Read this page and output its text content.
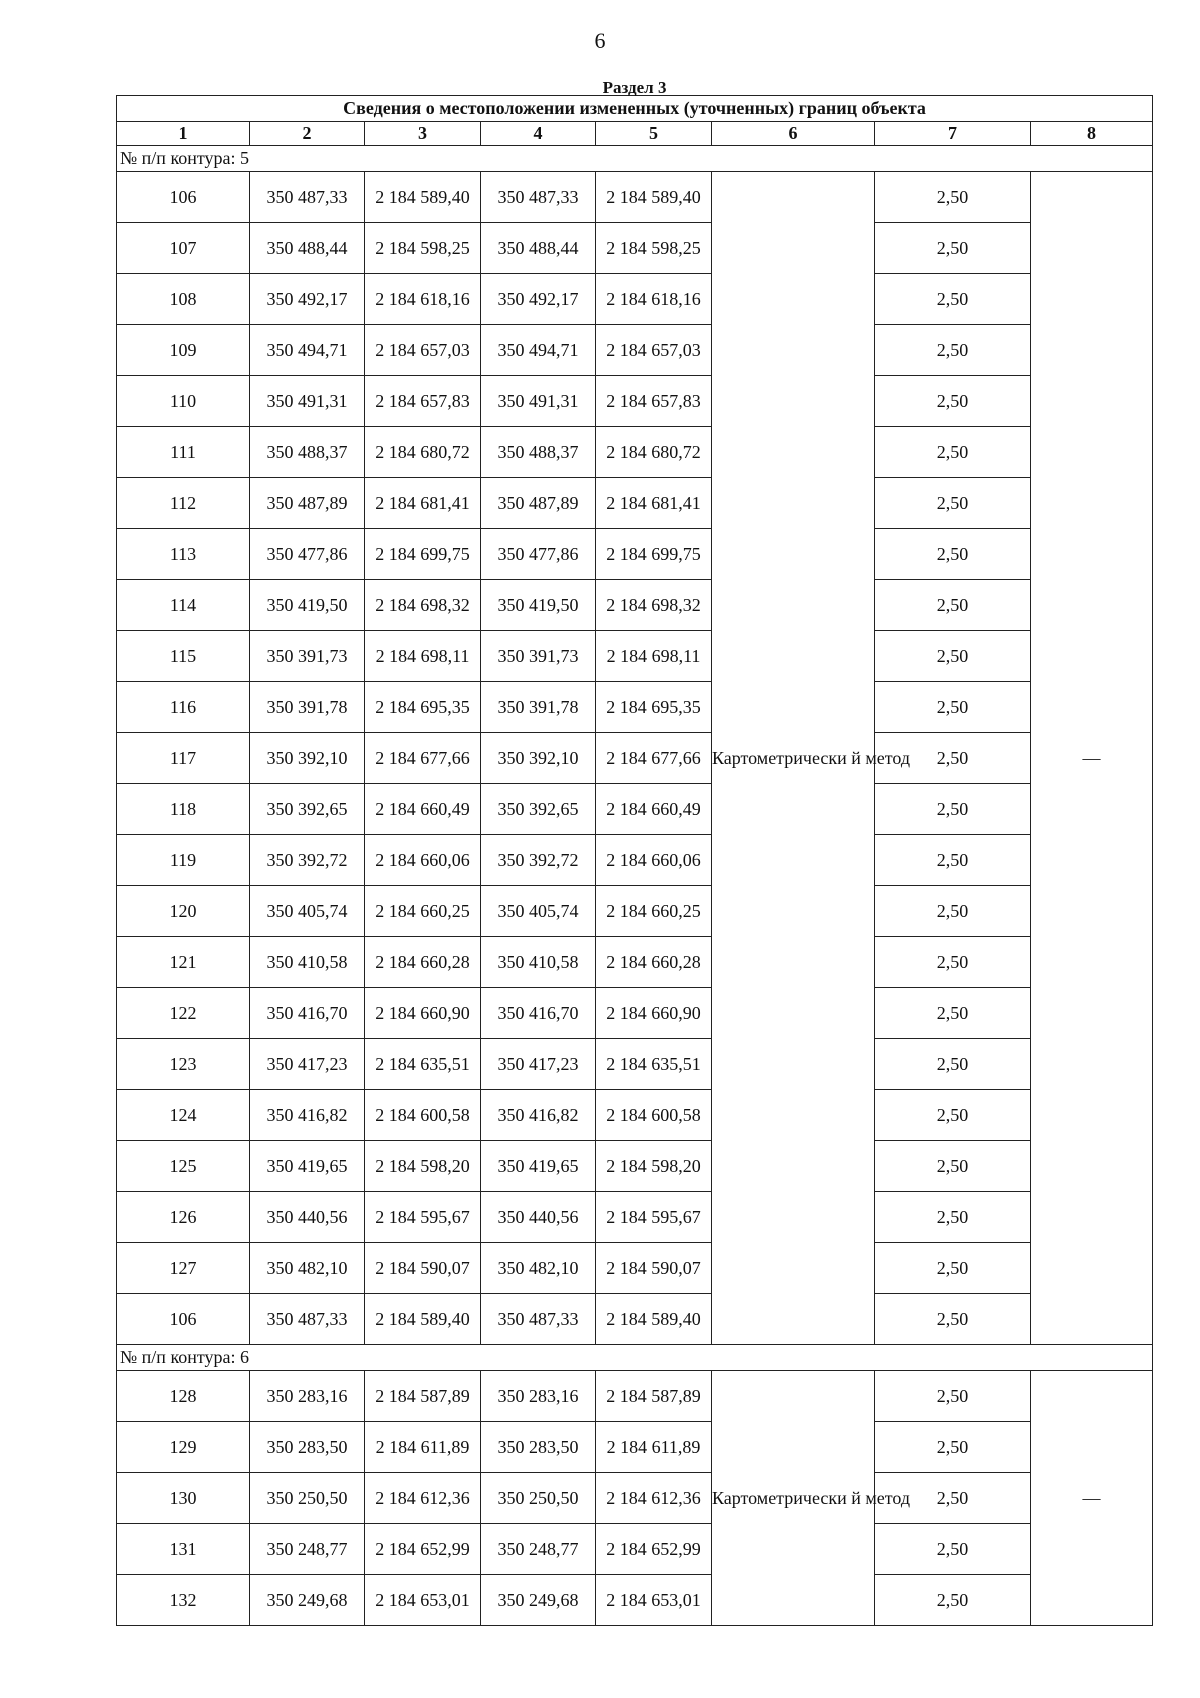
6
Раздел 3							
Сведения о местоположении измененных (уточненных) границ объекта							
1	2	3	4	5	6	7	8
№ п/п контура: 5							
106	350 487,33	2 184 589,40	350 487,33	2 184 589,40	Картометрически й метод	2,50	—
107	350 488,44	2 184 598,25	350 488,44	2 184 598,25		2,50	
108	350 492,17	2 184 618,16	350 492,17	2 184 618,16		2,50	
109	350 494,71	2 184 657,03	350 494,71	2 184 657,03		2,50	
110	350 491,31	2 184 657,83	350 491,31	2 184 657,83		2,50	
111	350 488,37	2 184 680,72	350 488,37	2 184 680,72		2,50	
112	350 487,89	2 184 681,41	350 487,89	2 184 681,41		2,50	
113	350 477,86	2 184 699,75	350 477,86	2 184 699,75		2,50	
114	350 419,50	2 184 698,32	350 419,50	2 184 698,32		2,50	
115	350 391,73	2 184 698,11	350 391,73	2 184 698,11		2,50	
116	350 391,78	2 184 695,35	350 391,78	2 184 695,35		2,50	
117	350 392,10	2 184 677,66	350 392,10	2 184 677,66		2,50	
118	350 392,65	2 184 660,49	350 392,65	2 184 660,49		2,50	
119	350 392,72	2 184 660,06	350 392,72	2 184 660,06		2,50	
120	350 405,74	2 184 660,25	350 405,74	2 184 660,25		2,50	
121	350 410,58	2 184 660,28	350 410,58	2 184 660,28		2,50	
122	350 416,70	2 184 660,90	350 416,70	2 184 660,90		2,50	
123	350 417,23	2 184 635,51	350 417,23	2 184 635,51		2,50	
124	350 416,82	2 184 600,58	350 416,82	2 184 600,58		2,50	
125	350 419,65	2 184 598,20	350 419,65	2 184 598,20		2,50	
126	350 440,56	2 184 595,67	350 440,56	2 184 595,67		2,50	
127	350 482,10	2 184 590,07	350 482,10	2 184 590,07		2,50	
106	350 487,33	2 184 589,40	350 487,33	2 184 589,40		2,50	
№ п/п контура: 6							
128	350 283,16	2 184 587,89	350 283,16	2 184 587,89	Картометрически й метод	2,50	—
129	350 283,50	2 184 611,89	350 283,50	2 184 611,89		2,50	
130	350 250,50	2 184 612,36	350 250,50	2 184 612,36		2,50	
131	350 248,77	2 184 652,99	350 248,77	2 184 652,99		2,50	
132	350 249,68	2 184 653,01	350 249,68	2 184 653,01		2,50	
